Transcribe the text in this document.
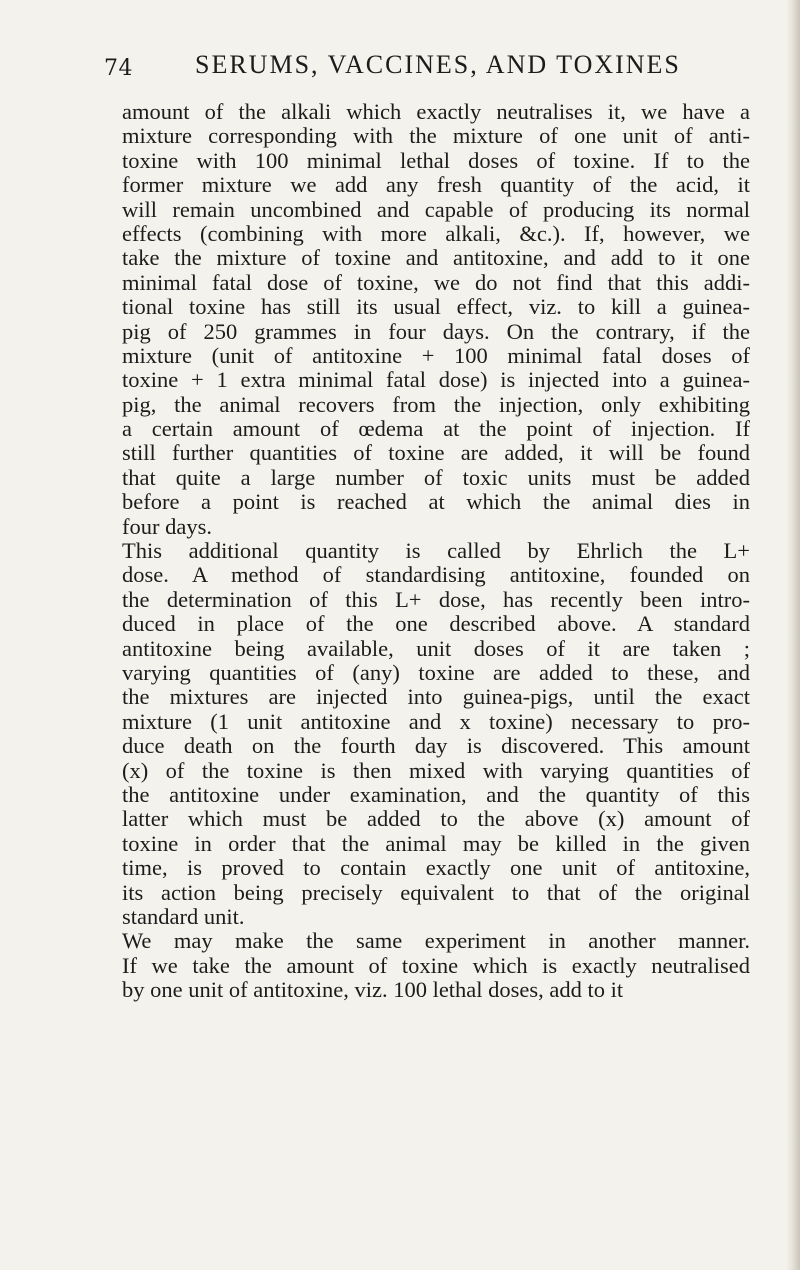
74 SERUMS, VACCINES, AND TOXINES
amount of the alkali which exactly neutralises it, we have a
mixture corresponding with the mixture of one unit of anti-
toxine with 100 minimal lethal doses of toxine. If to the
former mixture we add any fresh quantity of the acid, it
will remain uncombined and capable of producing its normal
effects (combining with more alkali, &c.). If, however, we
take the mixture of toxine and antitoxine, and add to it one
minimal fatal dose of toxine, we do not find that this addi-
tional toxine has still its usual effect, viz. to kill a guinea-
pig of 250 grammes in four days. On the contrary, if the
mixture (unit of antitoxine + 100 minimal fatal doses of
toxine + 1 extra minimal fatal dose) is injected into a guinea-
pig, the animal recovers from the injection, only exhibiting
a certain amount of œdema at the point of injection. If
still further quantities of toxine are added, it will be found
that quite a large number of toxic units must be added
before a point is reached at which the animal dies in
four days.
This additional quantity is called by Ehrlich the L+
dose. A method of standardising antitoxine, founded on
the determination of this L+ dose, has recently been intro-
duced in place of the one described above. A standard
antitoxine being available, unit doses of it are taken ;
varying quantities of (any) toxine are added to these, and
the mixtures are injected into guinea-pigs, until the exact
mixture (1 unit antitoxine and x toxine) necessary to pro-
duce death on the fourth day is discovered. This amount
(x) of the toxine is then mixed with varying quantities of
the antitoxine under examination, and the quantity of this
latter which must be added to the above (x) amount of
toxine in order that the animal may be killed in the given
time, is proved to contain exactly one unit of antitoxine,
its action being precisely equivalent to that of the original
standard unit.
We may make the same experiment in another manner.
If we take the amount of toxine which is exactly neutralised
by one unit of antitoxine, viz. 100 lethal doses, add to it
